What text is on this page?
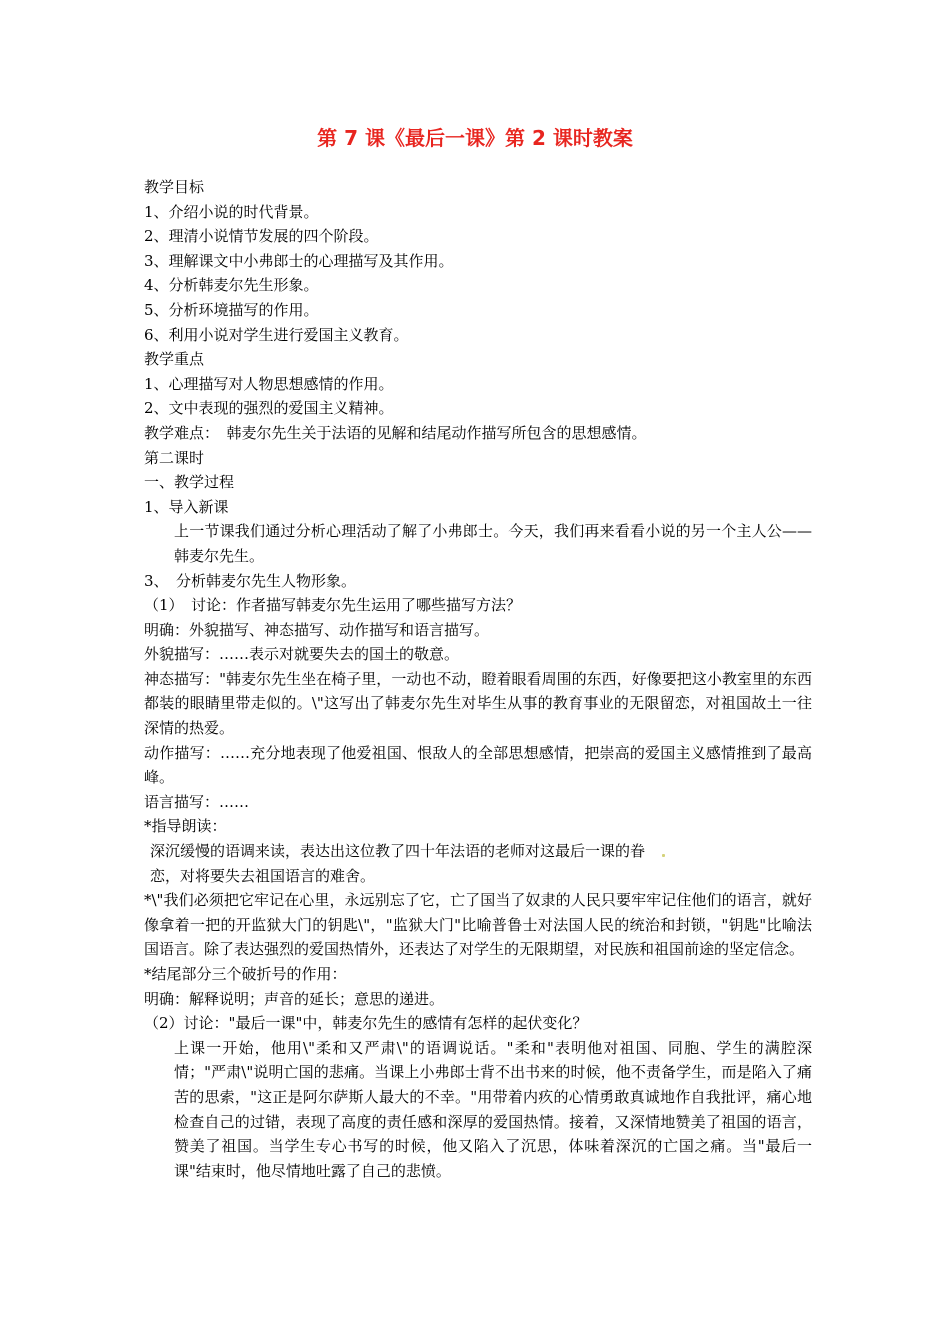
第 7 课《最后一课》第 2 课时教案
教学目标
1、介绍小说的时代背景。
2、理清小说情节发展的四个阶段。
3、理解课文中小弗郎士的心理描写及其作用。
4、分析韩麦尔先生形象。
5、分析环境描写的作用。
6、利用小说对学生进行爱国主义教育。
教学重点
1、心理描写对人物思想感情的作用。
2、文中表现的强烈的爱国主义精神。
教学难点：　韩麦尔先生关于法语的见解和结尾动作描写所包含的思想感情。
第二课时
一、教学过程
1、导入新课
上一节课我们通过分析心理活动了解了小弗郎士。今天，我们再来看看小说的另一个主人公——韩麦尔先生。
3、　分析韩麦尔先生人物形象。
（1）　讨论：作者描写韩麦尔先生运用了哪些描写方法？
明确：外貌描写、神态描写、动作描写和语言描写。
外貌描写：……表示对就要失去的国土的敬意。
神态描写："韩麦尔先生坐在椅子里，一动也不动，瞪着眼看周围的东西，好像要把这小教室里的东西都装的眼睛里带走似的。\"这写出了韩麦尔先生对毕生从事的教育事业的无限留恋，对祖国故土一往深情的热爱。
动作描写：……充分地表现了他爱祖国、恨敌人的全部思想感情，把崇高的爱国主义感情推到了最高峰。
语言描写：……
*指导朗读：
深沉缓慢的语调来读，表达出这位教了四十年法语的老师对这最后一课的眷
恋，对将要失去祖国语言的难舍。
*\"我们必须把它牢记在心里，永远别忘了它，亡了国当了奴隶的人民只要牢牢记住他们的语言，就好像拿着一把的开监狱大门的钥匙\"，"监狱大门"比喻普鲁士对法国人民的统治和封锁，"钥匙"比喻法国语言。除了表达强烈的爱国热情外，还表达了对学生的无限期望，对民族和祖国前途的坚定信念。
*结尾部分三个破折号的作用：
明确：解释说明；声音的延长；意思的递进。
（2）讨论："最后一课"中，韩麦尔先生的感情有怎样的起伏变化？
上课一开始，他用\"柔和又严肃\"的语调说话。"柔和"表明他对祖国、同胞、学生的满腔深情；"严肃\"说明亡国的悲痛。当课上小弗郎士背不出书来的时候，他不责备学生，而是陷入了痛苦的思索，"这正是阿尔萨斯人最大的不幸。"用带着内疚的心情勇敢真诚地作自我批评，痛心地检查自己的过错，表现了高度的责任感和深厚的爱国热情。接着，又深情地赞美了祖国的语言，赞美了祖国。当学生专心书写的时候，他又陷入了沉思，体味着深沉的亡国之痛。当"最后一课"结束时，他尽情地吐露了自己的悲愤。
